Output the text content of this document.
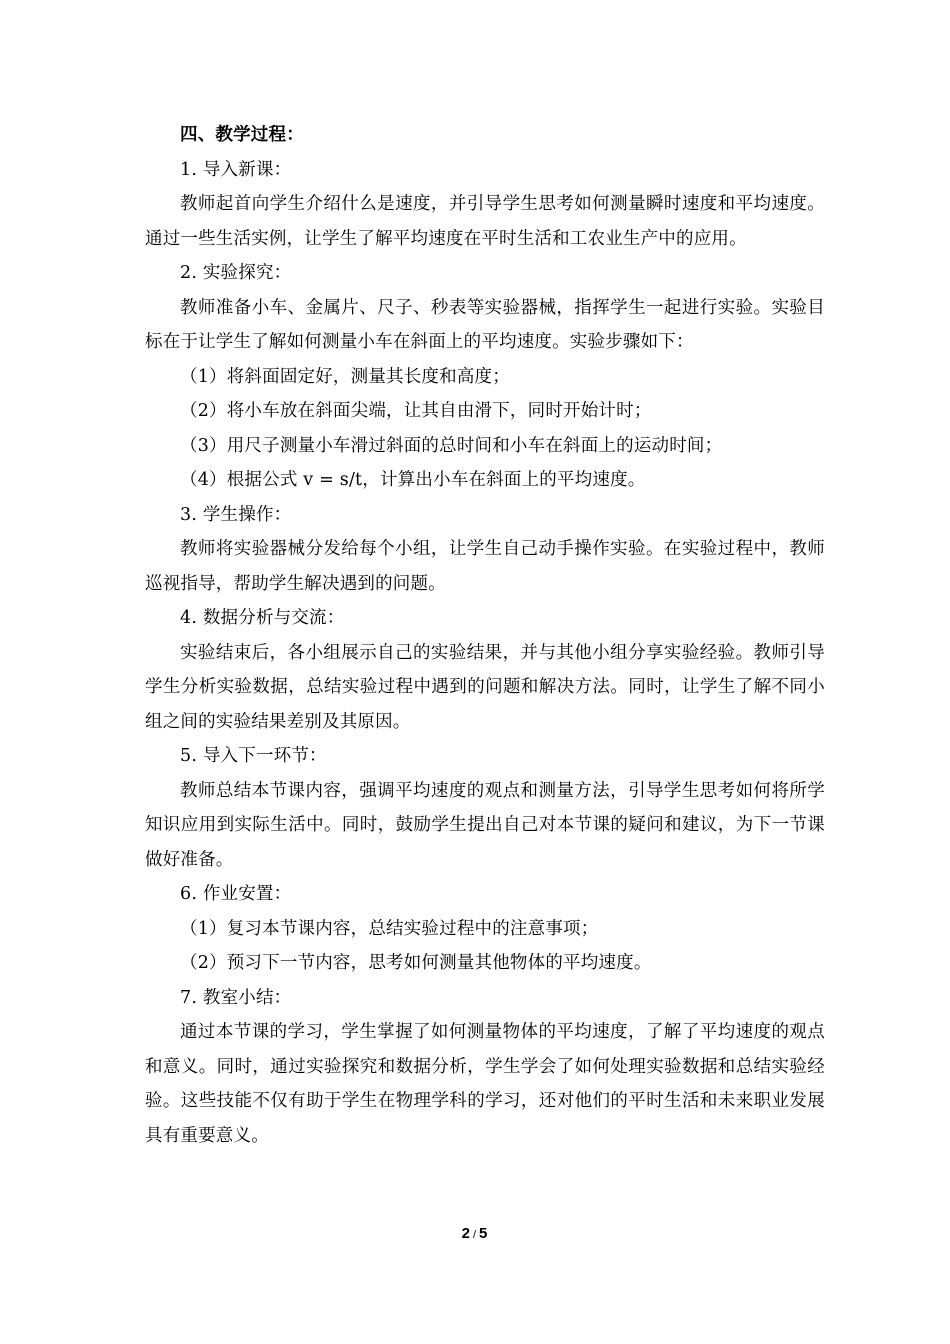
四、教学过程：

1. 导入新课：

教师起首向学生介绍什么是速度，并引导学生思考如何测量瞬时速度和平均速度。通过一些生活实例，让学生了解平均速度在平时生活和工农业生产中的应用。

2. 实验探究：

教师准备小车、金属片、尺子、秒表等实验器械，指挥学生一起进行实验。实验目标在于让学生了解如何测量小车在斜面上的平均速度。实验步骤如下：

（1）将斜面固定好，测量其长度和高度；

（2）将小车放在斜面尖端，让其自由滑下，同时开始计时；

（3）用尺子测量小车滑过斜面的总时间和小车在斜面上的运动时间；

（4）根据公式 v = s/t，计算出小车在斜面上的平均速度。

3. 学生操作：

教师将实验器械分发给每个小组，让学生自己动手操作实验。在实验过程中，教师巡视指导，帮助学生解决遇到的问题。

4. 数据分析与交流：

实验结束后，各小组展示自己的实验结果，并与其他小组分享实验经验。教师引导学生分析实验数据，总结实验过程中遇到的问题和解决方法。同时，让学生了解不同小组之间的实验结果差别及其原因。

5. 导入下一环节：

教师总结本节课内容，强调平均速度的观点和测量方法，引导学生思考如何将所学知识应用到实际生活中。同时，鼓励学生提出自己对本节课的疑问和建议，为下一节课做好准备。

6. 作业安置：

（1）复习本节课内容，总结实验过程中的注意事项；

（2）预习下一节内容，思考如何测量其他物体的平均速度。

7. 教室小结：

通过本节课的学习，学生掌握了如何测量物体的平均速度，了解了平均速度的观点和意义。同时，通过实验探究和数据分析，学生学会了如何处理实验数据和总结实验经验。这些技能不仅有助于学生在物理学科的学习，还对他们的平时生活和未来职业发展具有重要意义。

2 / 5
